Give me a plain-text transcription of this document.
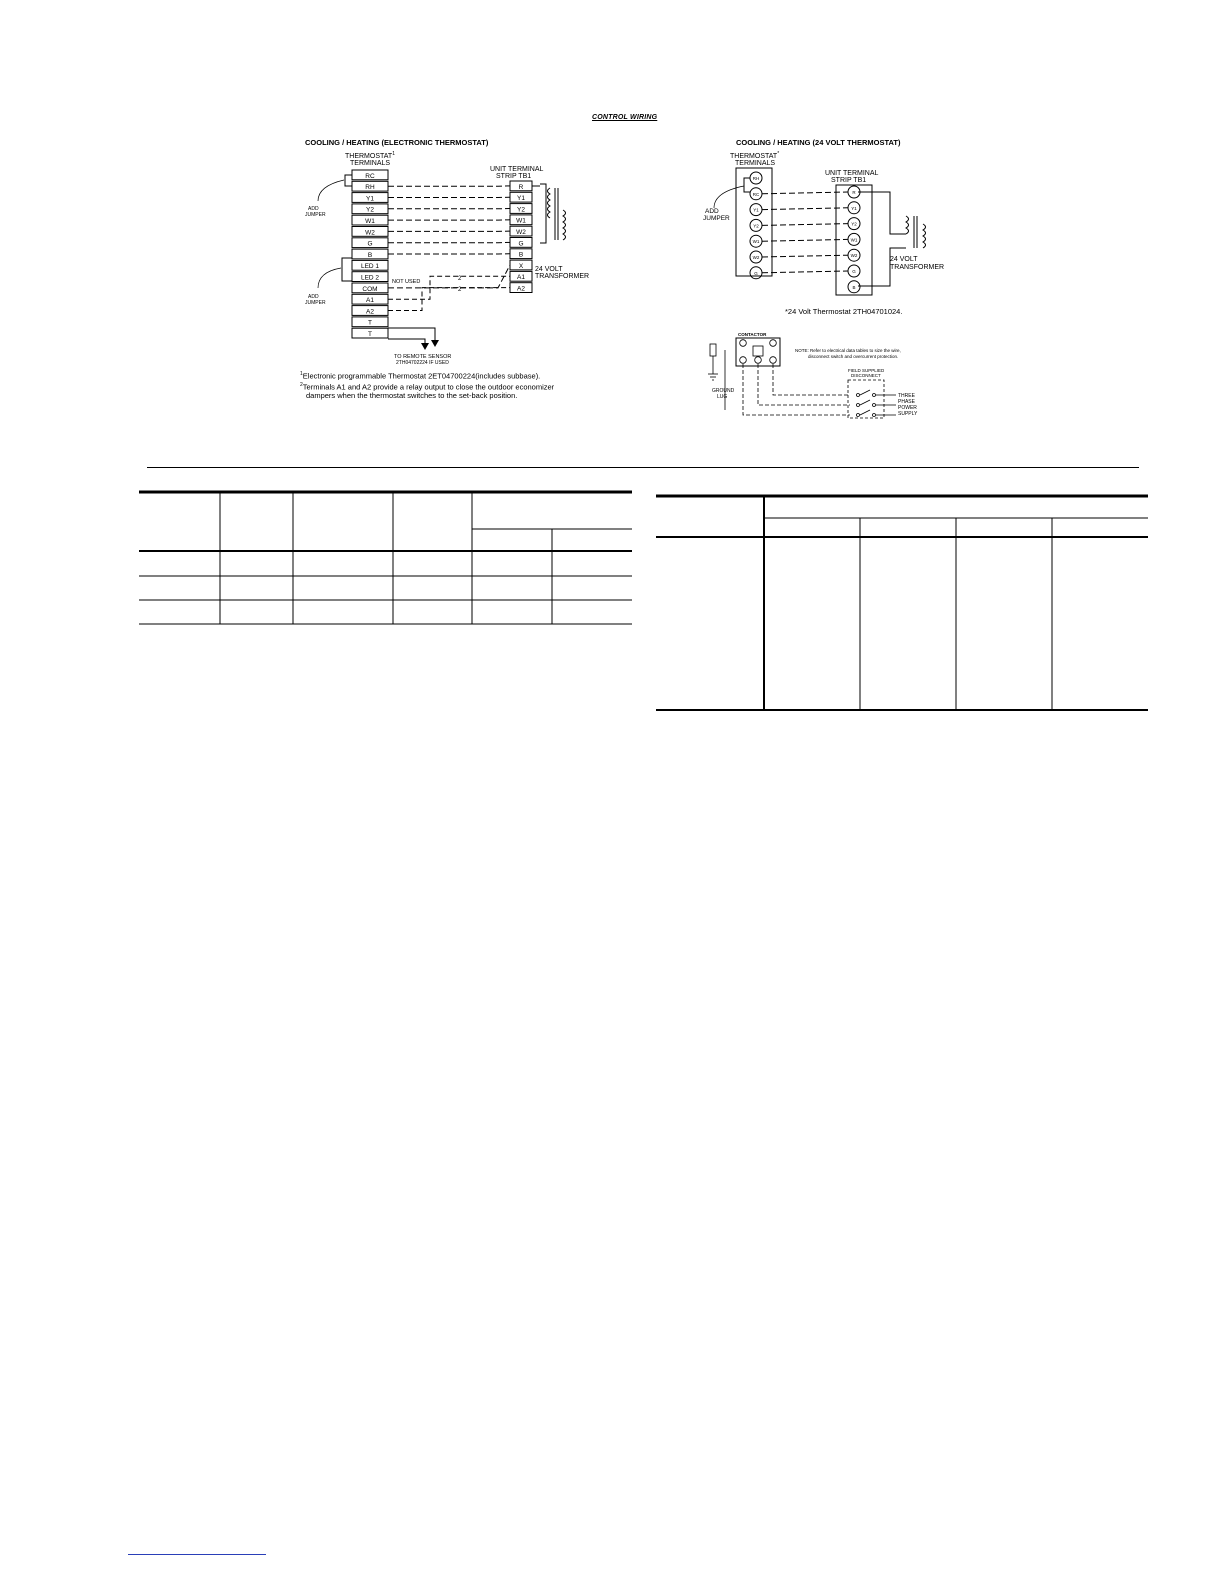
CONTROL WIRING
COOLING / HEATING (ELECTRONIC THERMOSTAT)
THERMOSTAT$^1$
TERMINALS
UNIT TERMINAL
STRIP TB1
RC
RH
Y1
Y2
W1
W2
G
B
LED 1
LED 2
COM
A1
A2
T
T
R
Y1
Y2
W1
W2
G
B
X
A1
A2
ADD
JUMPER
ADD
JUMPER
NOT USED	2
2
24 VOLT
TRANSFORMER
TO REMOTE SENSOR
2TH04702224 IF USED
$^1$Electronic programmable Thermostat 2ET04700224(includes subbase).
$^2$Terminals A1 and A2 provide a relay output to close the outdoor economizer
dampers when the thermostat switches to the set-back position.
COOLING / HEATING (24 VOLT THERMOSTAT)
THERMOSTAT*
TERMINALS
UNIT TERMINAL
STRIP TB1
RH
RC
Y1
Y2
W1
W2
G
R
Y1
Y2
W1
W2
G
B
ADD
JUMPER
24 VOLT
TRANSFORMER
*24 Volt Thermostat 2TH04701024.
CONTACTOR
GROUND
LUG
NOTE: Refer to electrical data tables to size the wire,
disconnect switch and overcurrent protection.
FIELD SUPPLIED
DISCONNECT
THREE
PHASE
POWER
SUPPLY
